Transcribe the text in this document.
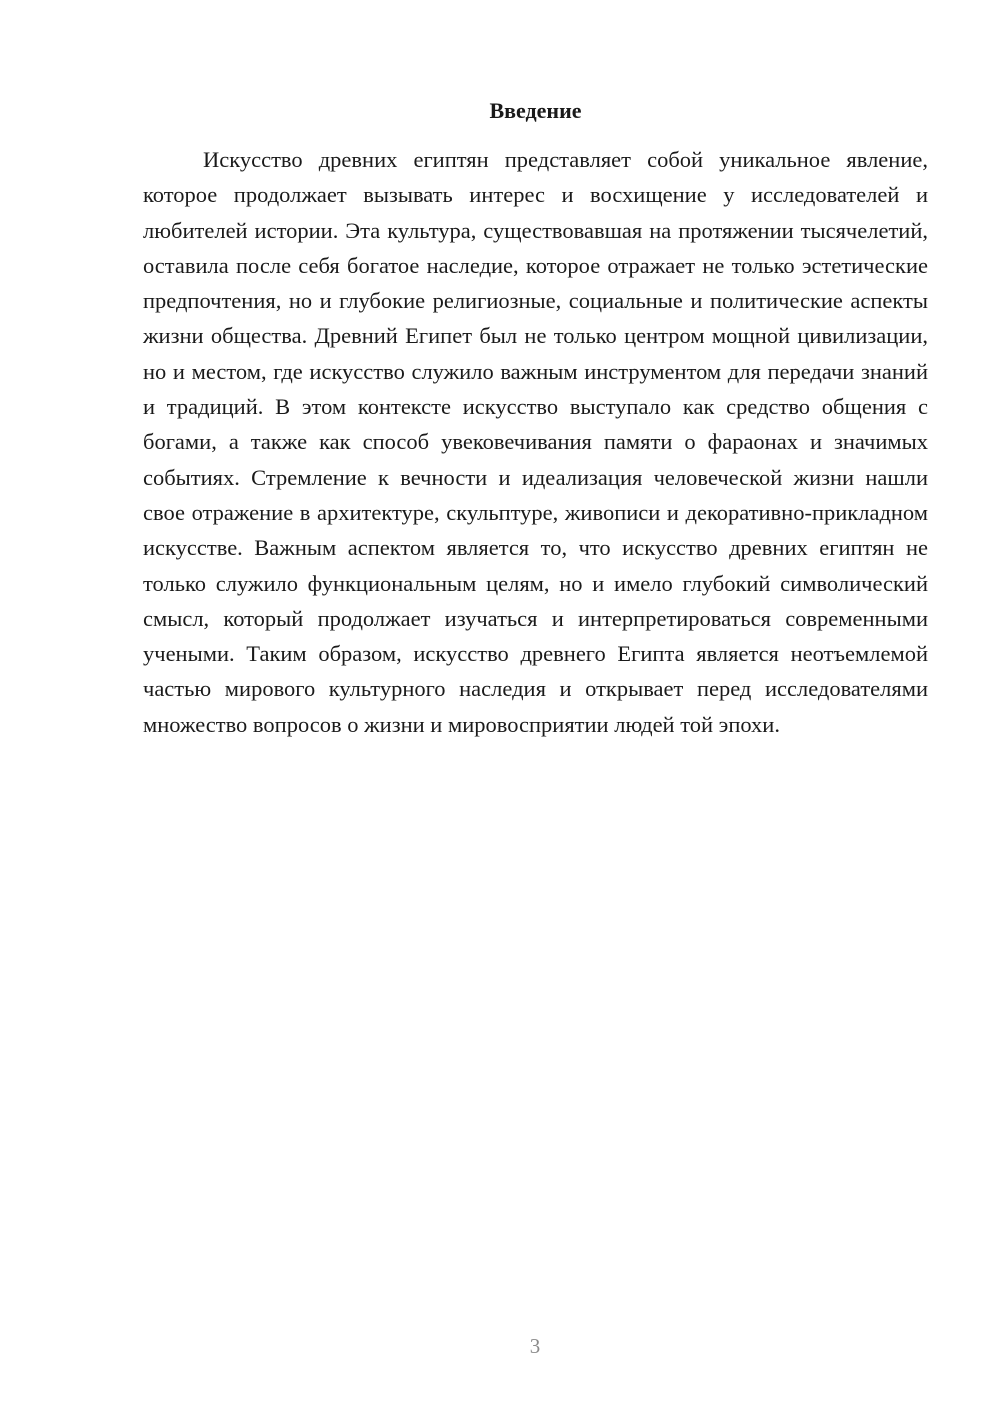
Введение

Искусство древних египтян представляет собой уникальное явление, которое продолжает вызывать интерес и восхищение у исследователей и любителей истории. Эта культура, существовавшая на протяжении тысячелетий, оставила после себя богатое наследие, которое отражает не только эстетические предпочтения, но и глубокие религиозные, социальные и политические аспекты жизни общества. Древний Египет был не только центром мощной цивилизации, но и местом, где искусство служило важным инструментом для передачи знаний и традиций. В этом контексте искусство выступало как средство общения с богами, а также как способ увековечивания памяти о фараонах и значимых событиях. Стремление к вечности и идеализация человеческой жизни нашли свое отражение в архитектуре, скульптуре, живописи и декоративно-прикладном искусстве. Важным аспектом является то, что искусство древних египтян не только служило функциональным целям, но и имело глубокий символический смысл, который продолжает изучаться и интерпретироваться современными учеными. Таким образом, искусство древнего Египта является неотъемлемой частью мирового культурного наследия и открывает перед исследователями множество вопросов о жизни и мировосприятии людей той эпохи.

3
